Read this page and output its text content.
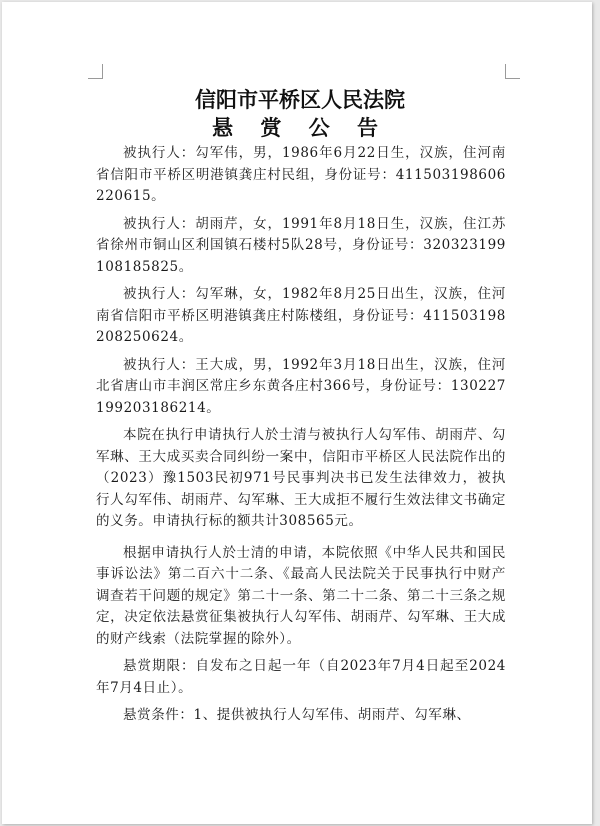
信阳市平桥区人民法院
悬 赏 公 告

被执行人：勾军伟，男，1986年6月22日生，汉族，住河南省信阳市平桥区明港镇龚庄村民组，身份证号：411503198606220615。

被执行人：胡雨芹，女，1991年8月18日生，汉族，住江苏省徐州市铜山区利国镇石楼村5队28号，身份证号：320323199108185825。

被执行人：勾军琳，女，1982年8月25日出生，汉族，住河南省信阳市平桥区明港镇龚庄村陈楼组，身份证号：411503198208250624。

被执行人：王大成，男，1992年3月18日出生，汉族，住河北省唐山市丰润区常庄乡东黄各庄村366号，身份证号：130227199203186214。

本院在执行申请执行人於士清与被执行人勾军伟、胡雨芹、勾军琳、王大成买卖合同纠纷一案中，信阳市平桥区人民法院作出的（2023）豫1503民初971号民事判决书已发生法律效力，被执行人勾军伟、胡雨芹、勾军琳、王大成拒不履行生效法律文书确定的义务。申请执行标的额共计308565元。

根据申请执行人於士清的申请，本院依照《中华人民共和国民事诉讼法》第二百六十二条、《最高人民法院关于民事执行中财产调查若干问题的规定》第二十一条、第二十二条、第二十三条之规定，决定依法悬赏征集被执行人勾军伟、胡雨芹、勾军琳、王大成的财产线索（法院掌握的除外）。

悬赏期限：自发布之日起一年（自2023年7月4日起至2024年7月4日止）。

悬赏条件：1、提供被执行人勾军伟、胡雨芹、勾军琳、
